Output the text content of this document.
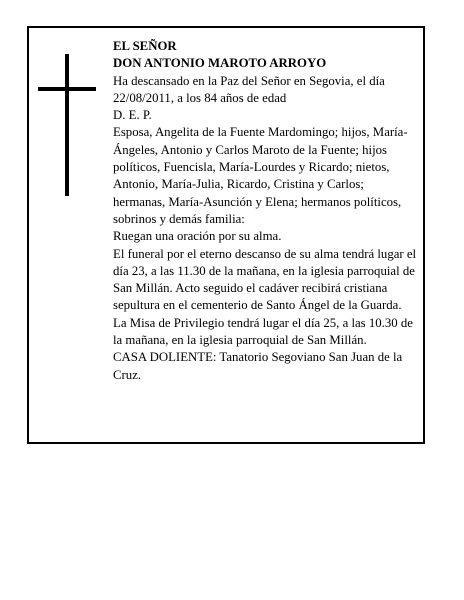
EL SEÑOR

DON ANTONIO MAROTO ARROYO

Ha descansado en la Paz del Señor en Segovia, el día 22/08/2011, a los 84 años de edad

D. E. P.

Esposa, Angelita de la Fuente Mardomingo; hijos, María-Ángeles, Antonio y Carlos Maroto de la Fuente; hijos políticos, Fuencisla, María-Lourdes y Ricardo; nietos, Antonio, María-Julia, Ricardo, Cristina y Carlos; hermanas, María-Asunción y Elena; hermanos políticos, sobrinos y demás familia:

Ruegan una oración por su alma.

El funeral por el eterno descanso de su alma tendrá lugar el día 23, a las 11.30 de la mañana, en la iglesia parroquial de San Millán. Acto seguido el cadáver recibirá cristiana sepultura en el cementerio de Santo Ángel de la Guarda.

La Misa de Privilegio tendrá lugar el día 25, a las 10.30 de la mañana, en la iglesia parroquial de San Millán.

CASA DOLIENTE: Tanatorio Segoviano San Juan de la Cruz.
